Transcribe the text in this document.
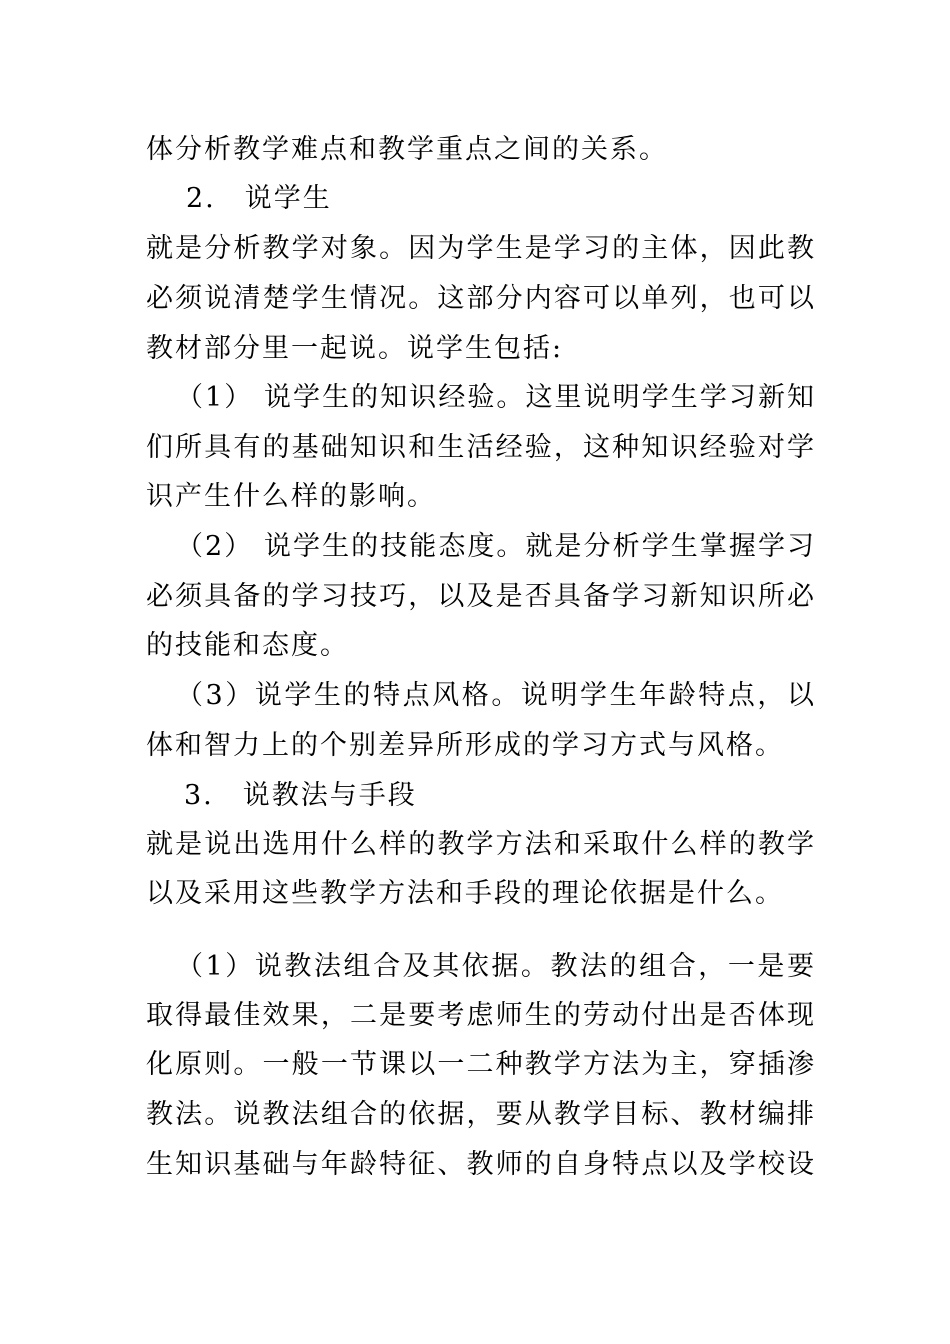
体分析教学难点和教学重点之间的关系。
2.　说学生
就是分析教学对象。因为学生是学习的主体，因此教
必须说清楚学生情况。这部分内容可以单列，也可以
教材部分里一起说。说学生包括:
（1） 说学生的知识经验。这里说明学生学习新知
们所具有的基础知识和生活经验，这种知识经验对学
识产生什么样的影响。
（2） 说学生的技能态度。就是分析学生掌握学习
必须具备的学习技巧，以及是否具备学习新知识所必
的技能和态度。
（3）说学生的特点风格。说明学生年龄特点，以
体和智力上的个别差异所形成的学习方式与风格。
3.　说教法与手段
就是说出选用什么样的教学方法和采取什么样的教学
以及采用这些教学方法和手段的理论依据是什么。
（1）说教法组合及其依据。教法的组合，一是要
取得最佳效果，二是要考虑师生的劳动付出是否体现
化原则。一般一节课以一二种教学方法为主，穿插渗
教法。说教法组合的依据，要从教学目标、教材编排
生知识基础与年龄特征、教师的自身特点以及学校设
